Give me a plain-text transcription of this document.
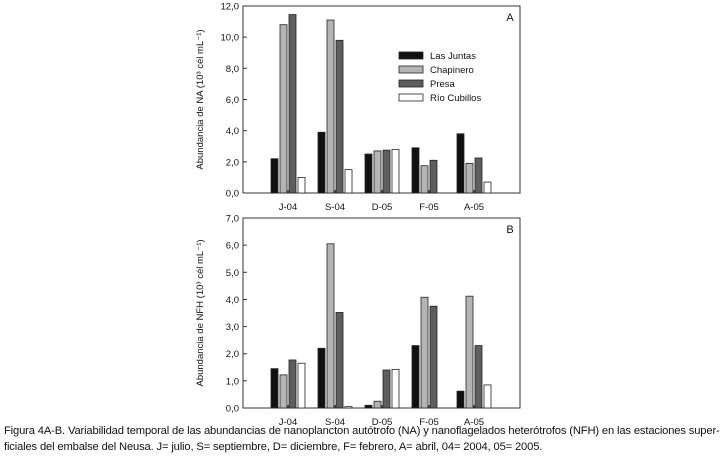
0,0
2,0
4,0
6,0
8,0
10,0
12,0
A
Abundancia de NA (10³ cél mL⁻¹)
J-04	S-04	D-05	F-05	A-05
Las Juntas
Chapinero
Presa
Río Cubillos
0,0
1,0
2,0
3,0
4,0
5,0
6,0
7,0
B
Abundancia de NFH (10³ cél mL⁻¹)
J-04	S-04	D-05	F-05	A-05
Figura 4A-B. Variabilidad temporal de las abundancias de nanoplancton autótrofo (NA) y nanoflagelados heterótrofos (NFH) en las estaciones super-
ficiales del embalse del Neusa. J= julio, S= septiembre, D= diciembre, F= febrero, A= abril, 04= 2004, 05= 2005.
